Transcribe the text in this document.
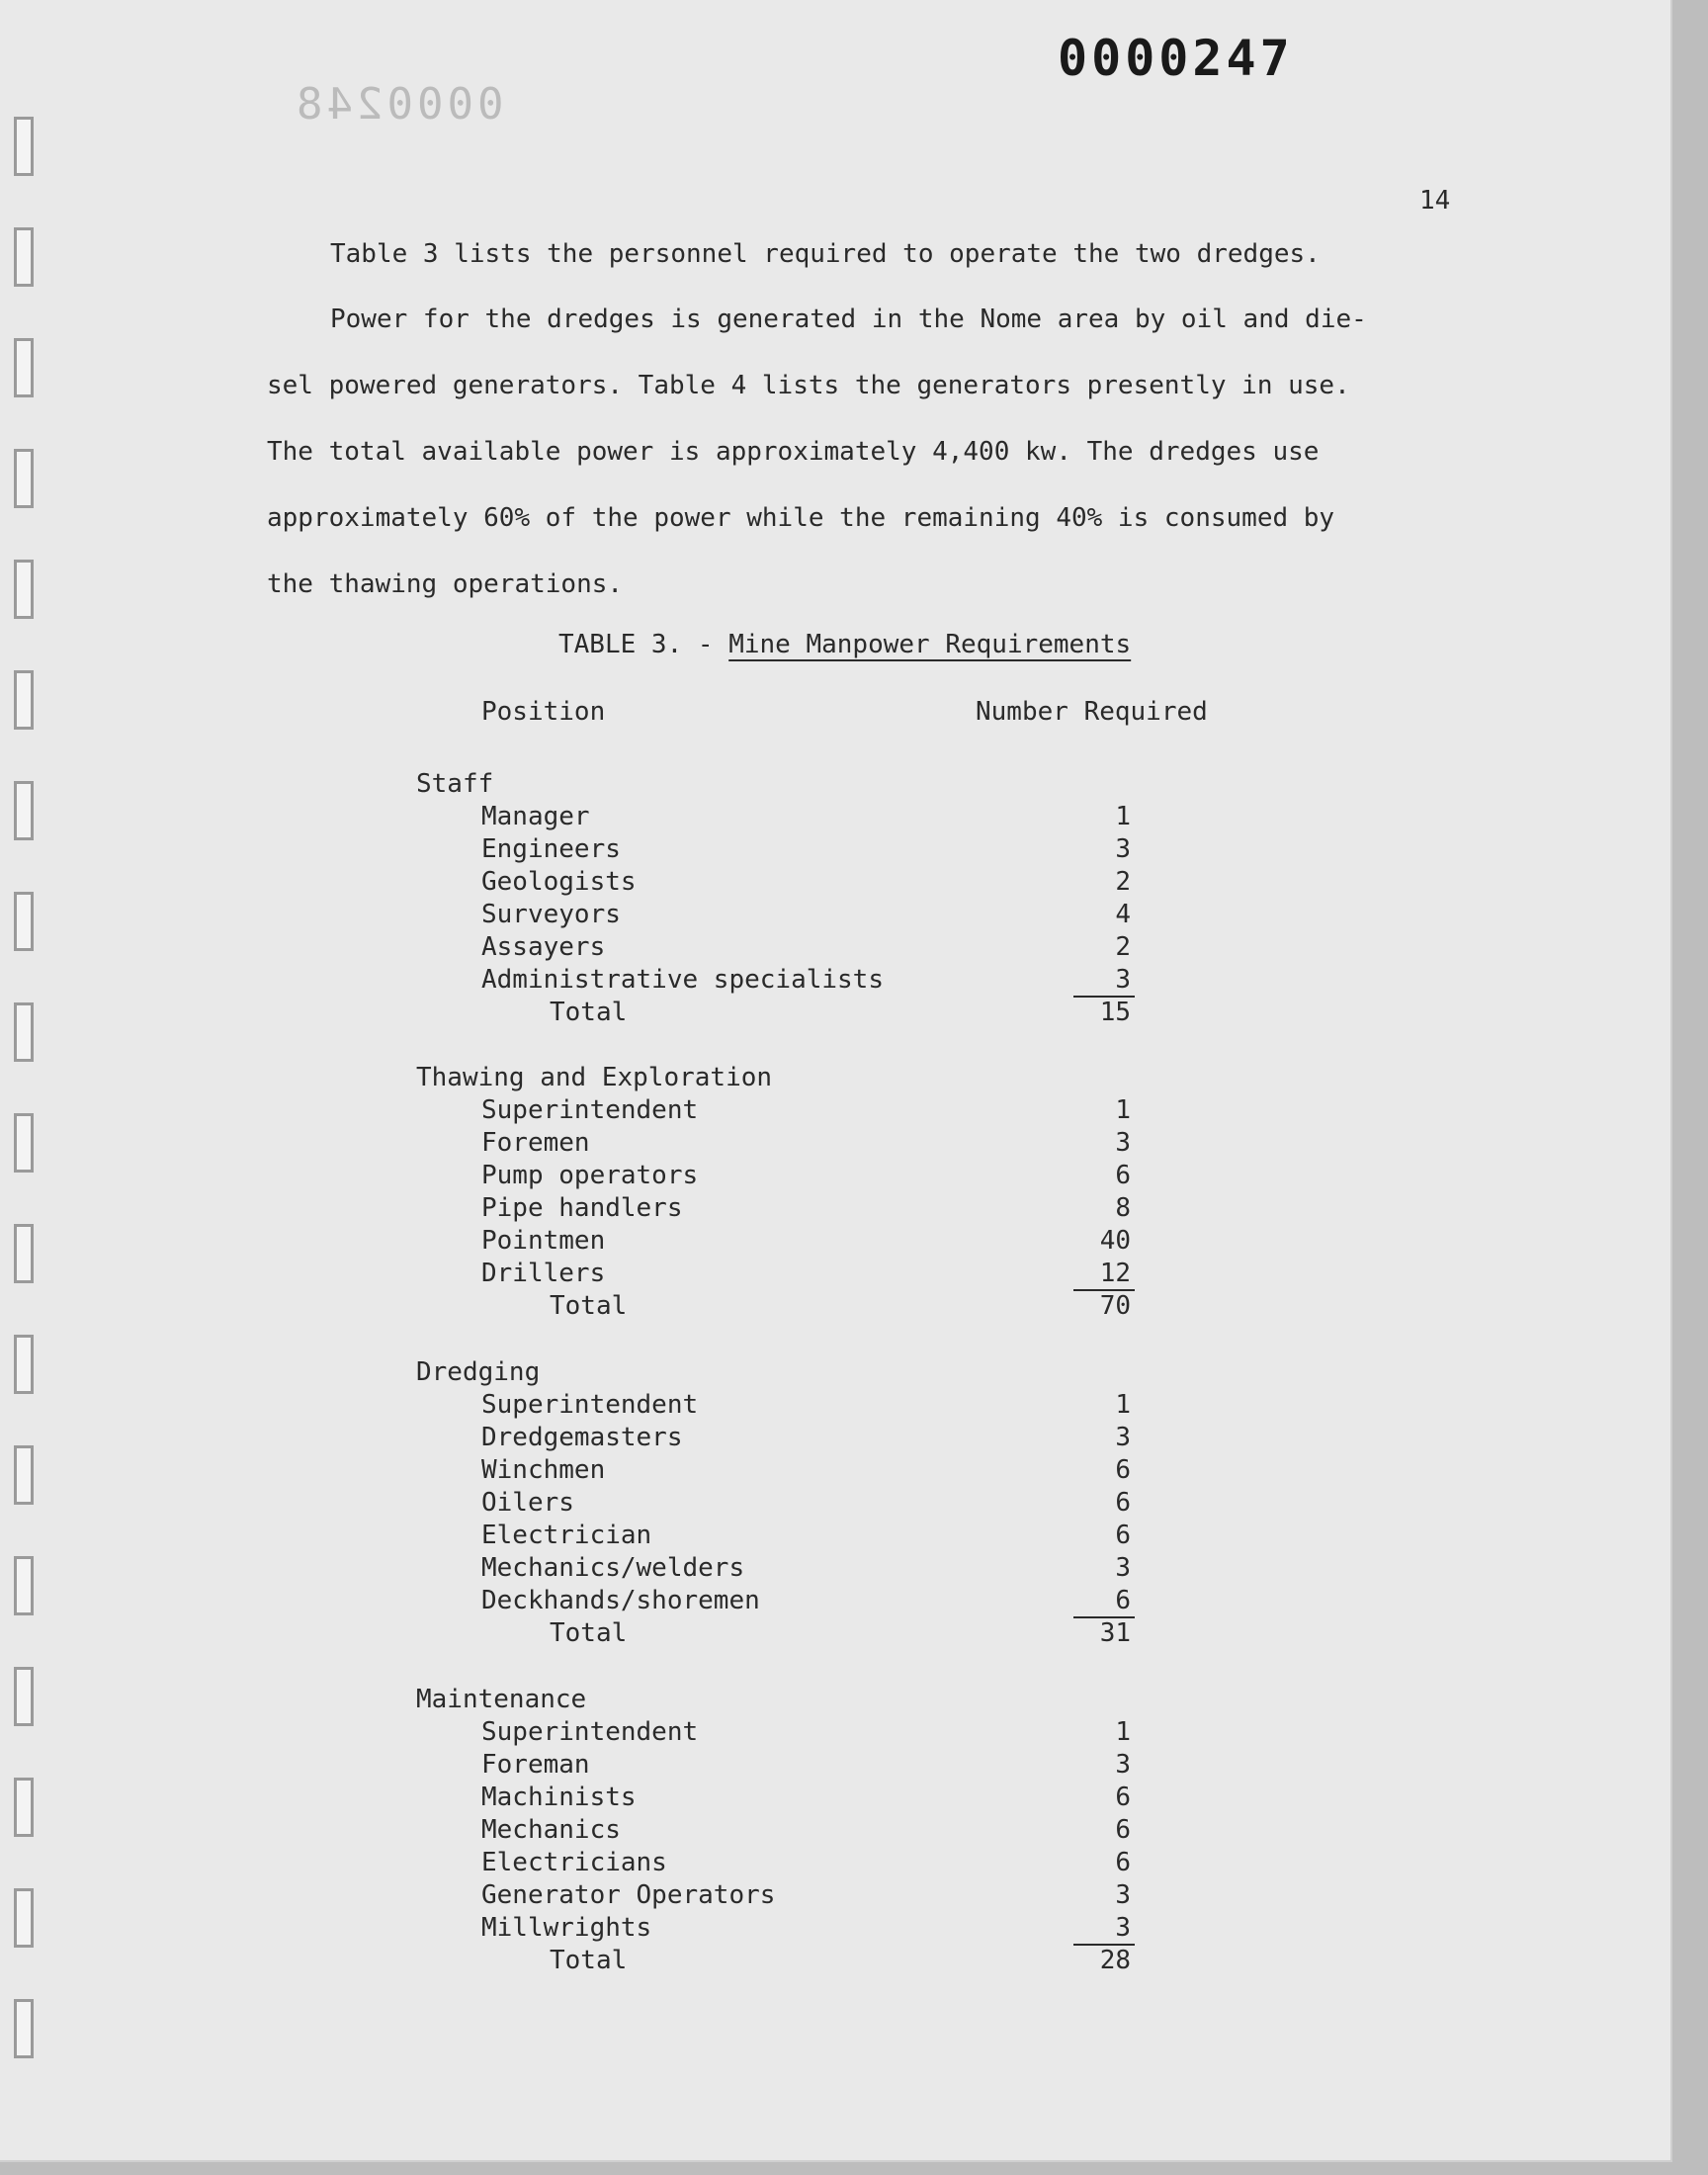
0000247
0000248
14
Table 3 lists the personnel required to operate the two dredges.
Power for the dredges is generated in the Nome area by oil and die-
sel powered generators. Table 4 lists the generators presently in use.
The total available power is approximately 4,400 kw. The dredges use
approximately 60% of the power while the remaining 40% is consumed by
the thawing operations.
TABLE 3. - Mine Manpower Requirements
Position	Number Required
Staff
Manager	1
Engineers	3
Geologists	2
Surveyors	4
Assayers	2
Administrative specialists	3
Total	15
Thawing and Exploration
Superintendent	1
Foremen	3
Pump operators	6
Pipe handlers	8
Pointmen	40
Drillers	12
Total	70
Dredging
Superintendent	1
Dredgemasters	3
Winchmen	6
Oilers	6
Electrician	6
Mechanics/welders	3
Deckhands/shoremen	6
Total	31
Maintenance
Superintendent	1
Foreman	3
Machinists	6
Mechanics	6
Electricians	6
Generator Operators	3
Millwrights	3
Total	28
